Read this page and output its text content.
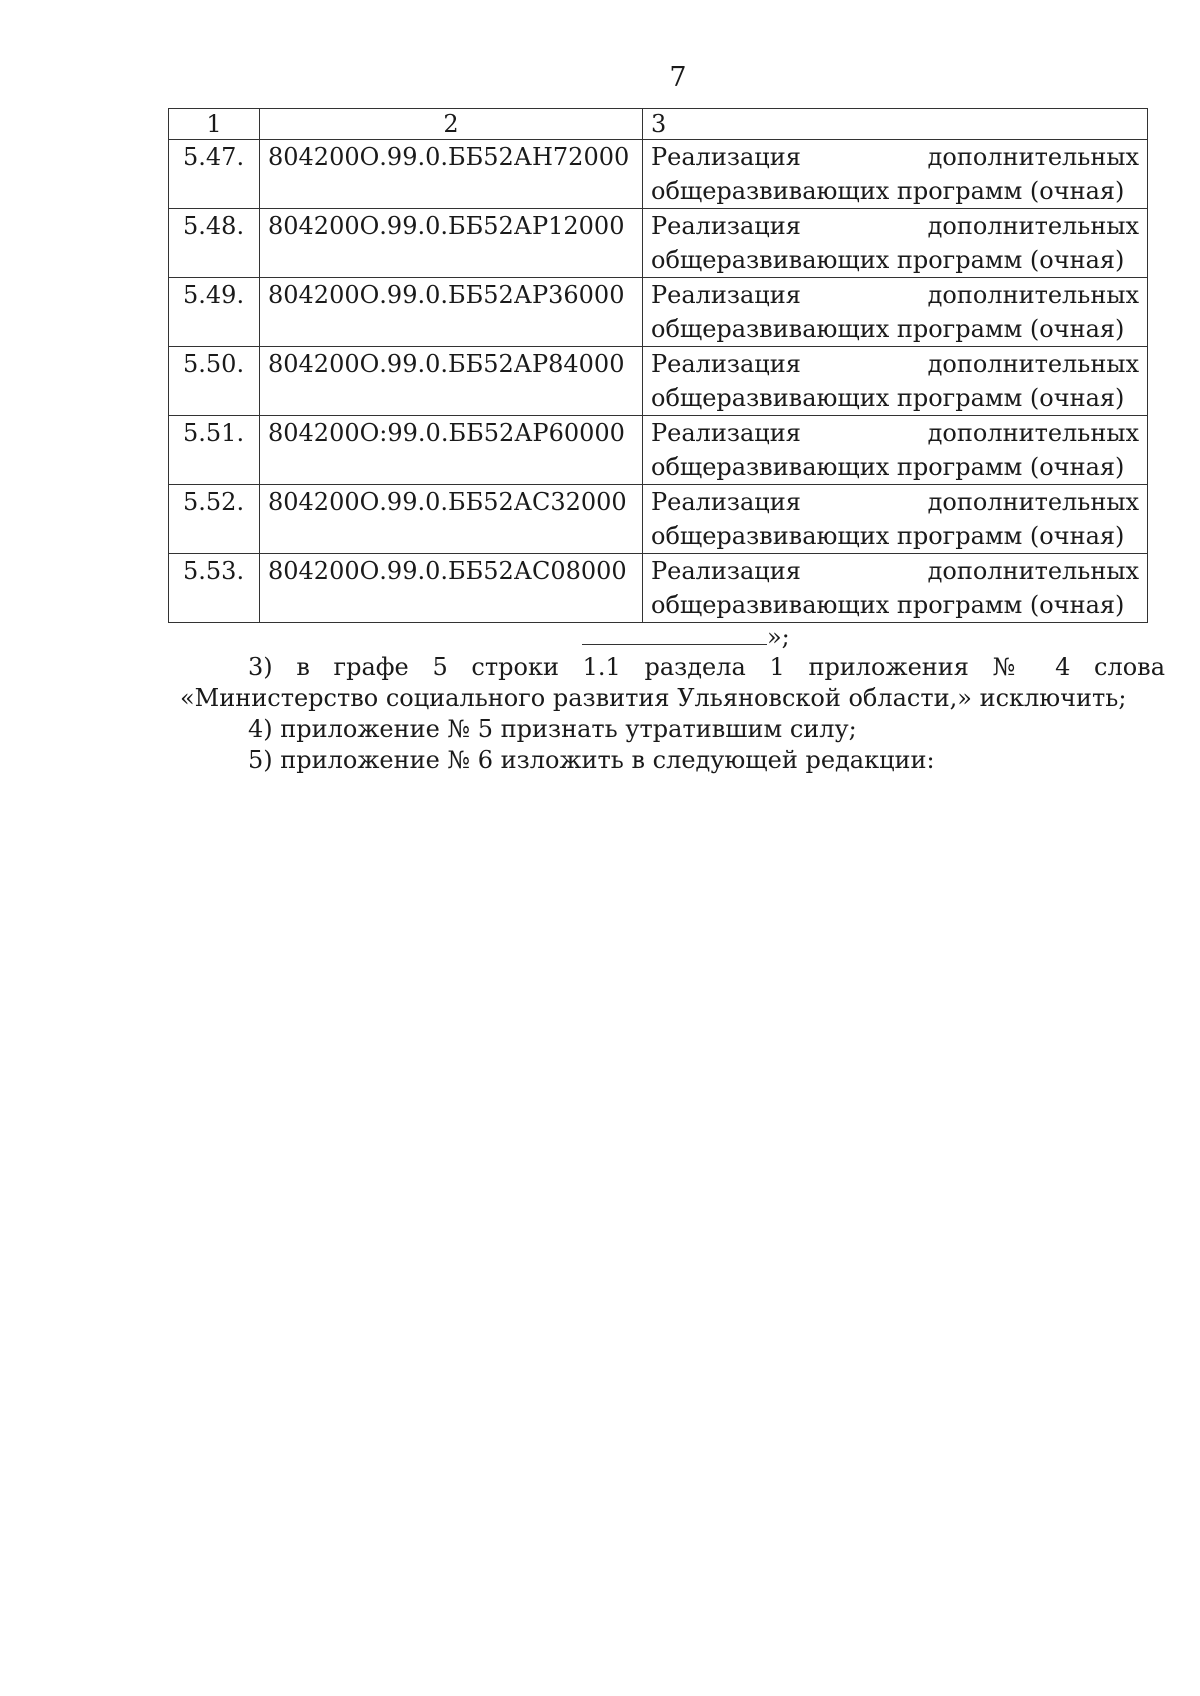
7
1	2	3
5.47.	804200О.99.0.ББ52АН72000	Реализация дополнительных общеразвивающих программ (очная)
5.48.	804200О.99.0.ББ52АР12000	Реализация дополнительных общеразвивающих программ (очная)
5.49.	804200О.99.0.ББ52АР36000	Реализация дополнительных общеразвивающих программ (очная)
5.50.	804200О.99.0.ББ52АР84000	Реализация дополнительных общеразвивающих программ (очная)
5.51.	804200О:99.0.ББ52АР60000	Реализация дополнительных общеразвивающих программ (очная)
5.52.	804200О.99.0.ББ52АС32000	Реализация дополнительных общеразвивающих программ (очная)
5.53.	804200О.99.0.ББ52АС08000	Реализация дополнительных общеразвивающих программ (очная)
»;

3) в графе 5 строки 1.1 раздела 1 приложения № 4 слова «Министерство социального развития Ульяновской области,» исключить;

4) приложение № 5 признать утратившим силу;

5) приложение № 6 изложить в следующей редакции:
